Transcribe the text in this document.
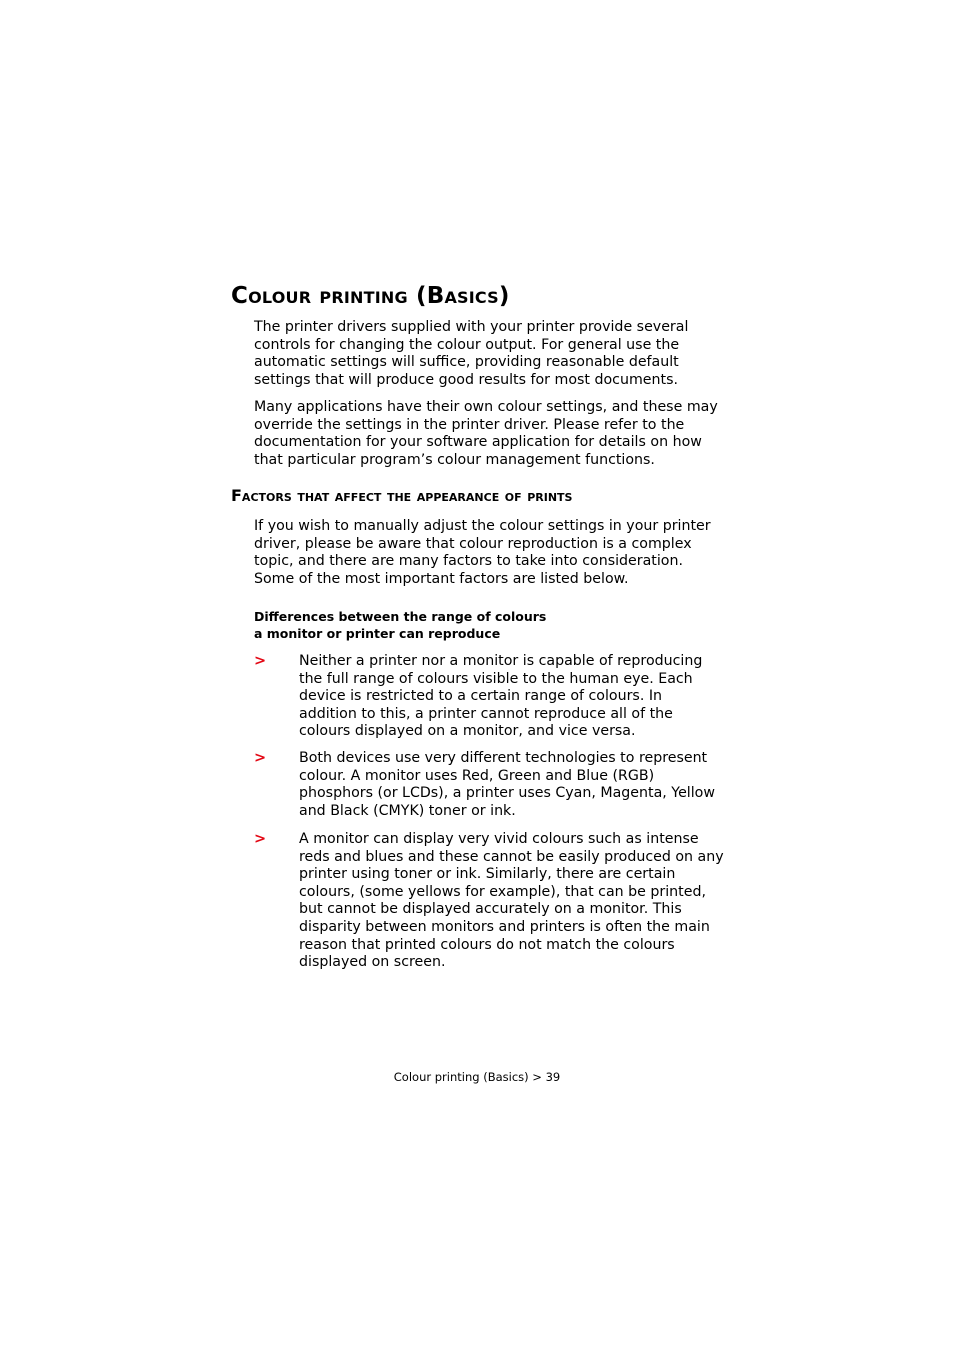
Colour printing (Basics)

The printer drivers supplied with your printer provide several controls for changing the colour output. For general use the automatic settings will suffice, providing reasonable default settings that will produce good results for most documents.

Many applications have their own colour settings, and these may override the settings in the printer driver. Please refer to the documentation for your software application for details on how that particular program’s colour management functions.

Factors that affect the appearance of prints

If you wish to manually adjust the colour settings in your printer driver, please be aware that colour reproduction is a complex topic, and there are many factors to take into consideration. Some of the most important factors are listed below.

Differences between the range of colours
a monitor or printer can reproduce
> Neither a printer nor a monitor is capable of reproducing the full range of colours visible to the human eye. Each device is restricted to a certain range of colours. In addition to this, a printer cannot reproduce all of the colours displayed on a monitor, and vice versa.

> Both devices use very different technologies to represent colour. A monitor uses Red, Green and Blue (RGB) phosphors (or LCDs), a printer uses Cyan, Magenta, Yellow and Black (CMYK) toner or ink.

> A monitor can display very vivid colours such as intense reds and blues and these cannot be easily produced on any printer using toner or ink. Similarly, there are certain colours, (some yellows for example), that can be printed, but cannot be displayed accurately on a monitor. This disparity between monitors and printers is often the main reason that printed colours do not match the colours displayed on screen.

Colour printing (Basics) > 39
